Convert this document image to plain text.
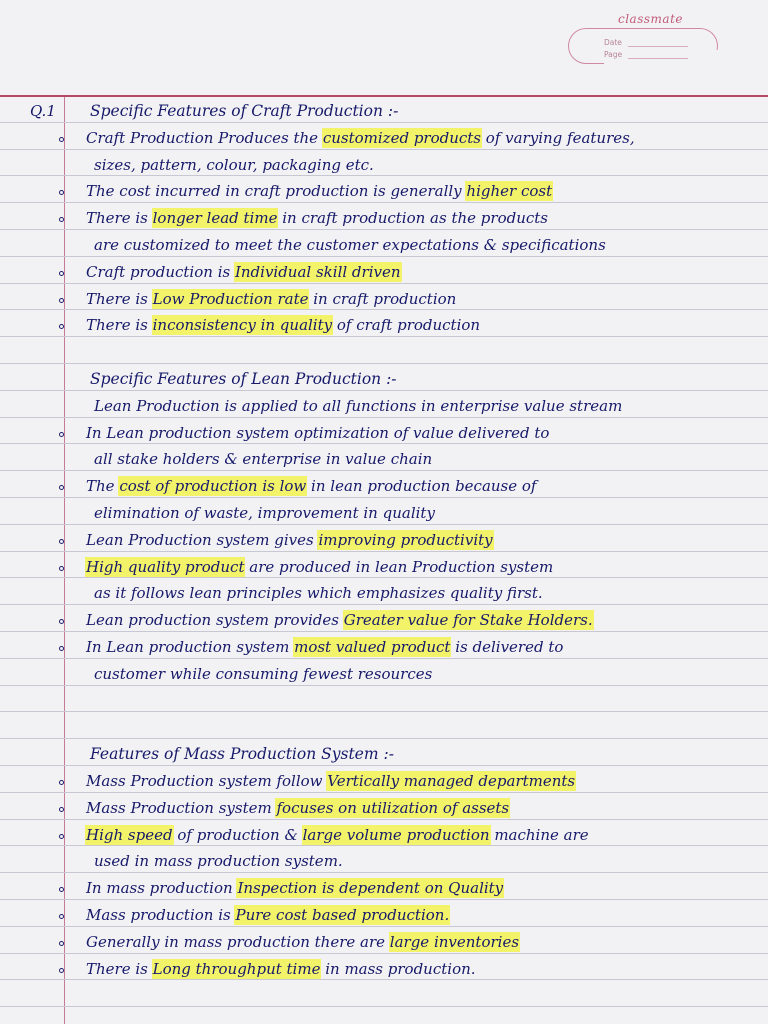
classmate
Date
Page
Q.1 Specific Features of Craft Production :-
Craft Production Produces the customized products of varying features,
sizes, pattern, colour, packaging etc.
The cost incurred in craft production is generally higher cost
There is longer lead time in craft production as the products
are customized to meet the customer expectations & specifications
Craft production is Individual skill driven
There is Low Production rate in craft production
There is inconsistency in quality of craft production
Specific Features of Lean Production :-
Lean Production is applied to all functions in enterprise value stream
In Lean production system optimization of value delivered to
all stake holders & enterprise in value chain
The cost of production is low in lean production because of
elimination of waste, improvement in quality
Lean Production system gives improving productivity
High quality product are produced in lean Production system
as it follows lean principles which emphasizes quality first.
Lean production system provides Greater value for Stake Holders.
In Lean production system most valued product is delivered to
customer while consuming fewest resources
Features of Mass Production System :-
Mass Production system follow Vertically managed departments
Mass Production system focuses on utilization of assets
High speed of production & large volume production machine are
used in mass production system.
In mass production Inspection is dependent on Quality
Mass production is Pure cost based production.
Generally in mass production there are large inventories
There is Long throughput time in mass production.
